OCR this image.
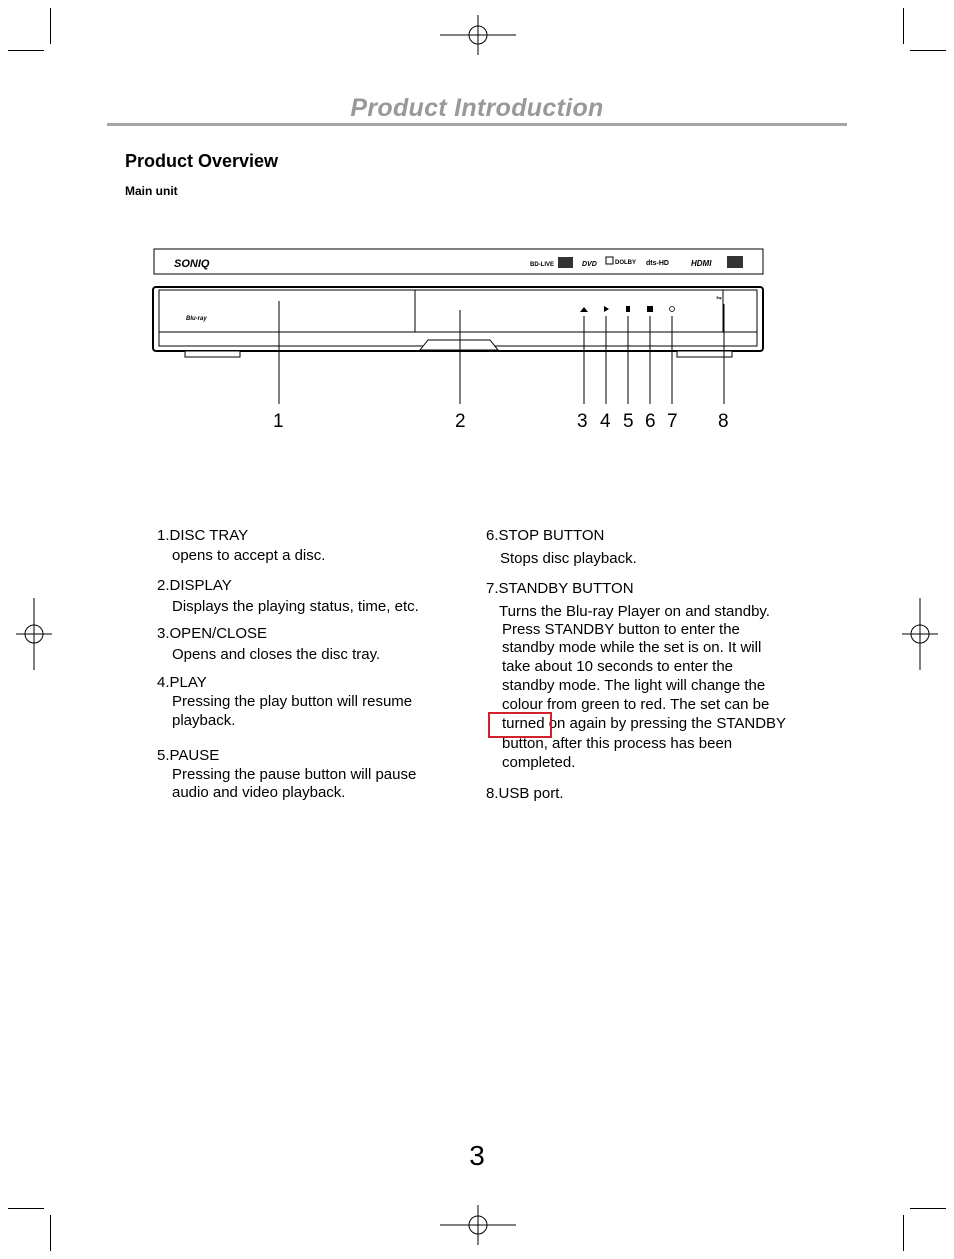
Product Introduction
Product Overview
Main unit
SONIQ	BD-LIVE	DVD	DOLBY dts-HD	HDMI
Blu-ray
⇋
1	2	3 4 5 6 7 8
1.DISC TRAY
opens to accept a disc.
2.DISPLAY
Displays the playing status, time, etc.
3.OPEN/CLOSE
Opens and closes the disc tray.
4.PLAY
Pressing the play button will resume
playback.
5.PAUSE
Pressing the pause button will pause
audio and video playback.
6.STOP BUTTON
Stops disc playback.
7.STANDBY BUTTON
Turns the Blu-ray Player on and standby.
Press STANDBY button to enter the
standby mode while the set is on. It will
take about 10 seconds to enter the
standby mode. The light will change the
colour from green to red. The set can be
turned on again by pressing the STANDBY
button, after this process has been
completed.
8.USB port.
3
